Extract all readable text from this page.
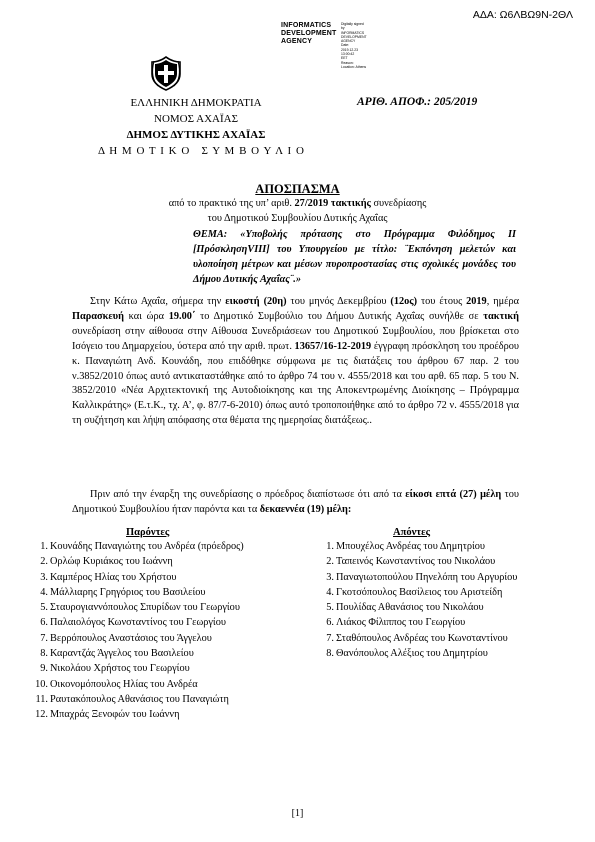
ΑΔΑ: Ω6ΛΒΩ9Ν-2ΘΛ
INFORMATICS
DEVELOPMENT
AGENCY
Digitally signed by
INFORMATICS
DEVELOPMENT AGENCY
Date: 2019.12.23 13:00:42
EET
Reason:
Location: Athens
ΕΛΛΗΝΙΚΗ ΔΗΜΟΚΡΑΤΙΑ
ΝΟΜΟΣ ΑΧΑΪΑΣ
ΔΗΜΟΣ ΔΥΤΙΚΗΣ ΑΧΑΪΑΣ
Δ Η Μ Ο Τ Ι Κ Ο   Σ Υ Μ Β Ο Υ Λ Ι Ο
ΑΡΙΘ. ΑΠΟΦ.: 205/2019
ΑΠΟΣΠΑΣΜΑ
από το πρακτικό της υπ’ αριθ. 27/2019 τακτικής συνεδρίασης
του Δημοτικού Συμβουλίου Δυτικής Αχαΐας
ΘΕΜΑ: «Υποβολής πρότασης στο Πρόγραμμα Φιλόδημος ΙΙ [ΠρόσκλησηVIII] του Υπουργείου με τίτλο: ¨Εκπόνηση μελετών και υλοποίηση μέτρων και μέσων πυροπροστασίας στις σχολικές μονάδες του Δήμου Δυτικής Αχαΐας¨.»
Στην Κάτω Αχαΐα, σήμερα την εικοστή (20η) του μηνός Δεκεμβρίου (12ος) του έτους 2019, ημέρα Παρασκευή και ώρα 19.00΄ το Δημοτικό Συμβούλιο του Δήμου Δυτικής Αχαΐας συνήλθε σε τακτική συνεδρίαση στην αίθουσα στην Αίθουσα Συνεδριάσεων του Δημοτικού Συμβουλίου, που βρίσκεται στο Ισόγειο του Δημαρχείου, ύστερα από την αριθ. πρωτ. 13657/16-12-2019 έγγραφη πρόσκληση του προέδρου κ. Παναγιώτη Ανδ. Κουνάδη, που επιδόθηκε σύμφωνα με τις διατάξεις του άρθρου 67 παρ. 2 του ν.3852/2010 όπως αυτό αντικαταστάθηκε από το άρθρο 74 του ν. 4555/2018 και του αρθ. 65 παρ. 5 του Ν. 3852/2010 «Νέα Αρχιτεκτονική της Αυτοδιοίκησης και της Αποκεντρωμένης Διοίκησης – Πρόγραμμα Καλλικράτης» (Ε.τ.Κ., τχ. Α’, φ. 87/7-6-2010) όπως αυτό τροποποιήθηκε από το άρθρο 72 ν. 4555/2018 για τη συζήτηση και λήψη απόφασης στα θέματα της ημερησίας διατάξεως..
Πριν από την έναρξη της συνεδρίασης ο πρόεδρος διαπίστωσε ότι από τα είκοσι επτά (27) μέλη του Δημοτικού Συμβουλίου ήταν παρόντα και τα δεκαεννέα (19) μέλη:
Παρόντες	Απόντες
1. Κουνάδης Παναγιώτης του Ανδρέα (πρόεδρος)
2. Ορλώφ Κυριάκος του Ιωάννη
3. Καμπέρος Ηλίας του Χρήστου
4. Μάλλιαρης Γρηγόριος του Βασιλείου
5. Σταυρογιαννόπουλος Σπυρίδων του Γεωργίου
6. Παλαιολόγος Κωνσταντίνος του Γεωργίου
7. Βερρόπουλος Αναστάσιος του Άγγελου
8. Καραντζάς Άγγελος του Βασιλείου
9. Νικολάου Χρήστος του Γεωργίου
10. Οικονομόπουλος Ηλίας του Ανδρέα
11. Ραυτακόπουλος Αθανάσιος του Παναγιώτη
12. Μπαχράς Ξενοφών του Ιωάννη
1. Μπουχέλος Ανδρέας του Δημητρίου
2. Ταπεινός Κωνσταντίνος του Νικολάου
3. Παναγιωτοπούλου Πηνελόπη του Αργυρίου
4. Γκοτσόπουλος Βασίλειος του Αριστείδη
5. Πουλίδας Αθανάσιος του Νικολάου
6. Λιάκος Φίλιππος του Γεωργίου
7. Σταθόπουλος Ανδρέας του Κωνσταντίνου
8. Θανόπουλος Αλέξιος του Δημητρίου
[1]
